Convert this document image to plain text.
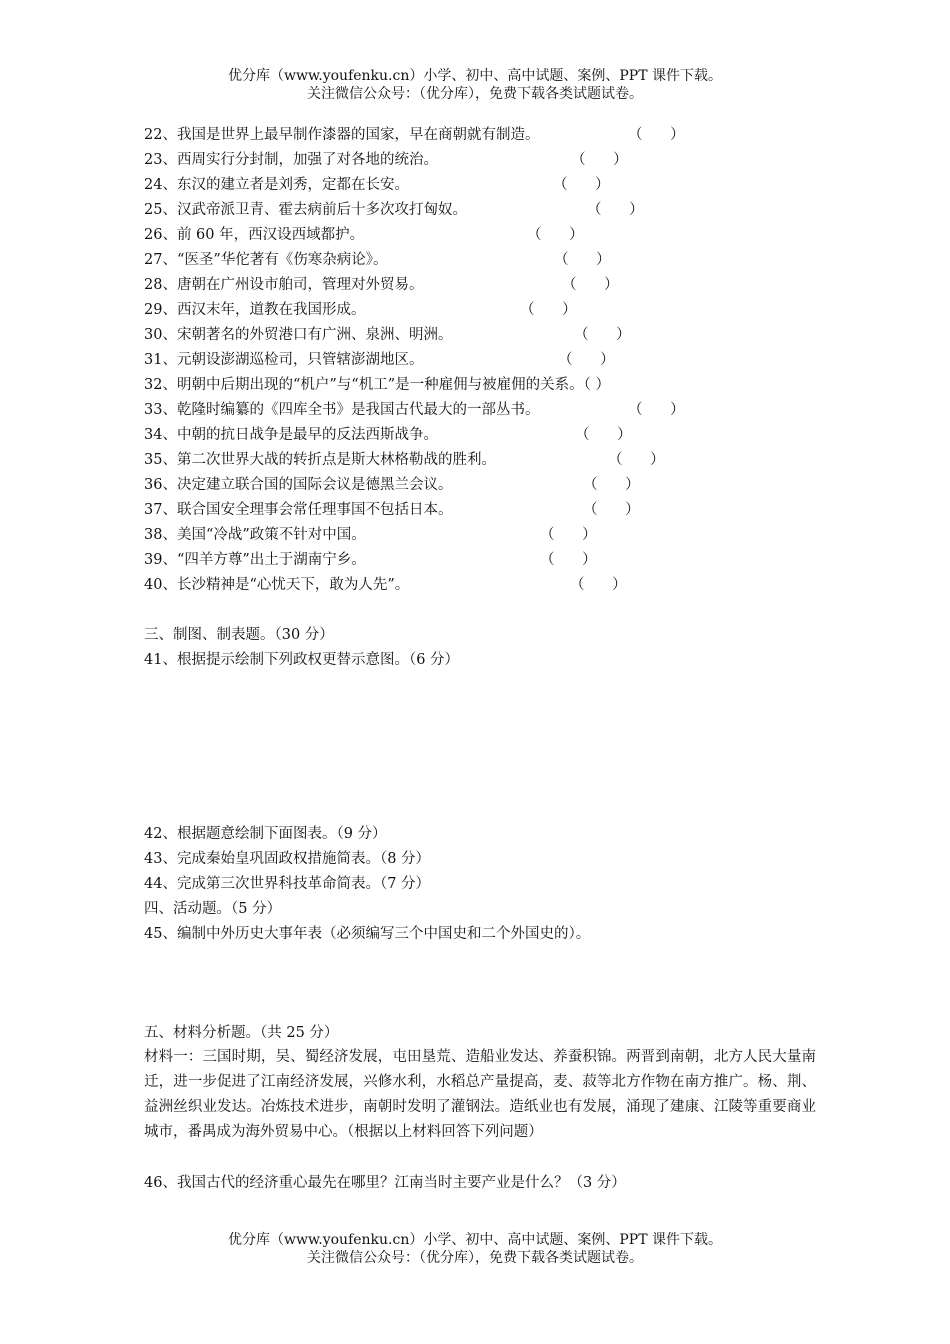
优分库（www.youfenku.cn）小学、初中、高中试题、案例、PPT 课件下载。
关注微信公众号：（优分库），免费下载各类试题试卷。
22、我国是世界上最早制作漆器的国家，早在商朝就有制造。	（      ）
23、西周实行分封制，加强了对各地的统治。	（      ）
24、东汉的建立者是刘秀，定都在长安。	（      ）
25、汉武帝派卫青、霍去病前后十多次攻打匈奴。	（      ）
26、前 60 年，西汉设西域都护。	（      ）
27、“医圣”华佗著有《伤寒杂病论》。	（      ）
28、唐朝在广州设市舶司，管理对外贸易。	（      ）
29、西汉末年，道教在我国形成。	（      ）
30、宋朝著名的外贸港口有广洲、泉洲、明洲。	（      ）
31、元朝设澎湖巡检司，只管辖澎湖地区。	（      ）
32、明朝中后期出现的“机户”与“机工”是一种雇佣与被雇佣的关系。（ ）
33、乾隆时编纂的《四库全书》是我国古代最大的一部丛书。	（      ）
34、中朝的抗日战争是最早的反法西斯战争。	（      ）
35、第二次世界大战的转折点是斯大林格勒战的胜利。	（      ）
36、决定建立联合国的国际会议是德黑兰会议。	（      ）
37、联合国安全理事会常任理事国不包括日本。	（      ）
38、美国“冷战”政策不针对中国。	（      ）
39、“四羊方尊”出土于湖南宁乡。	（      ）
40、长沙精神是“心忧天下，敢为人先”。	（      ）
三、制图、制表题。（30 分）
41、根据提示绘制下列政权更替示意图。（6 分）
42、根据题意绘制下面图表。（9 分）
43、完成秦始皇巩固政权措施简表。（8 分）
44、完成第三次世界科技革命简表。（7 分）
四、活动题。（5 分）
45、编制中外历史大事年表（必须编写三个中国史和二个外国史的）。
五、材料分析题。（共 25 分）
材料一：三国时期，吴、蜀经济发展，屯田垦荒、造船业发达、养蚕积锦。两晋到南朝，北方人民大量南迁，进一步促进了江南经济发展，兴修水利，水稻总产量提高，麦、菽等北方作物在南方推广。杨、荆、益洲丝织业发达。冶炼技术进步，南朝时发明了灌钢法。造纸业也有发展，涌现了建康、江陵等重要商业城市，番禺成为海外贸易中心。（根据以上材料回答下列问题）
46、我国古代的经济重心最先在哪里？江南当时主要产业是什么？（3 分）
优分库（www.youfenku.cn）小学、初中、高中试题、案例、PPT 课件下载。
关注微信公众号：（优分库），免费下载各类试题试卷。
